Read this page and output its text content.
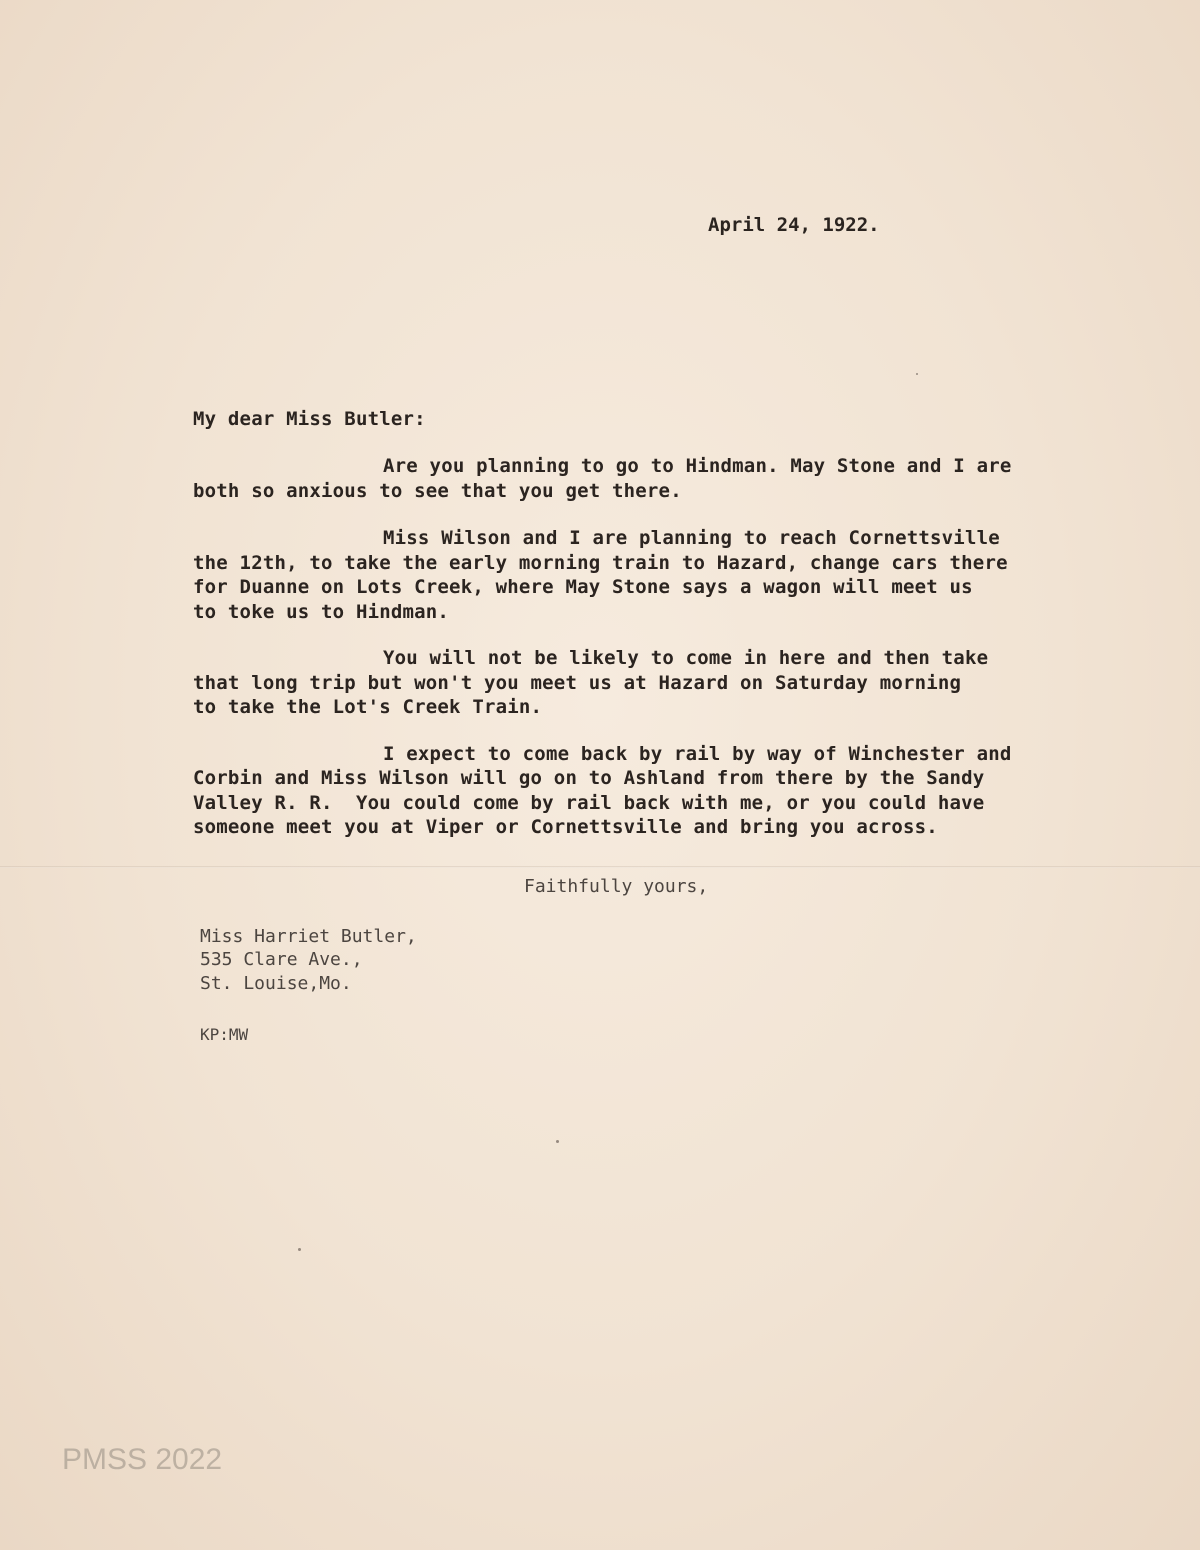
April 24, 1922.
My dear Miss Butler:
Are you planning to go to Hindman. May Stone and I are
both so anxious to see that you get there.
Miss Wilson and I are planning to reach Cornettsville
the 12th, to take the early morning train to Hazard, change cars there
for Duanne on Lots Creek, where May Stone says a wagon will meet us
to toke us to Hindman.
You will not be likely to come in here and then take
that long trip but won't you meet us at Hazard on Saturday morning
to take the Lot's Creek Train.
I expect to come back by rail by way of Winchester and
Corbin and Miss Wilson will go on to Ashland from there by the Sandy
Valley R. R.  You could come by rail back with me, or you could have
someone meet you at Viper or Cornettsville and bring you across.
Faithfully yours,
Miss Harriet Butler,
535 Clare Ave.,
St. Louise,Mo.
KP:MW
PMSS 2022
